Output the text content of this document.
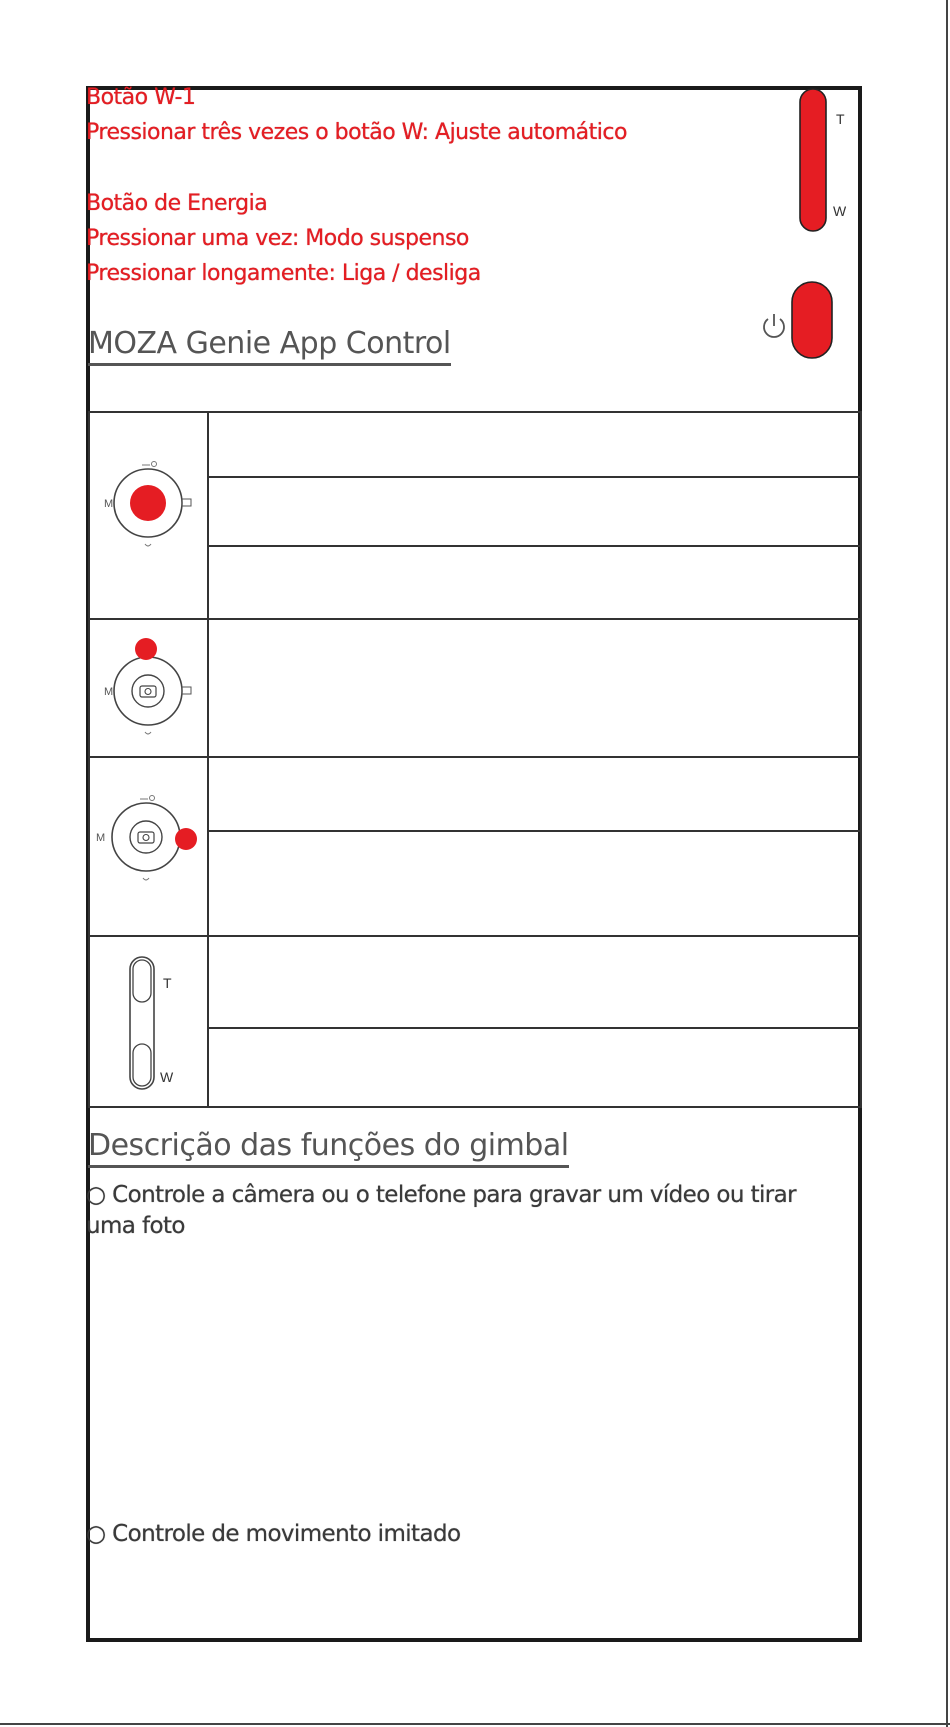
Botão W-1
Pressionar três vezes o botão W: Ajuste automático
Botão de Energia
Pressionar uma vez: Modo suspenso
Pressionar longamente: Liga / desliga
T
W
MOZA Genie App Control
M
M
M
T
W
Descrição das funções do gimbal
○ Controle a câmera ou o telefone para gravar um vídeo ou tirar uma foto
○ Controle de movimento imitado
